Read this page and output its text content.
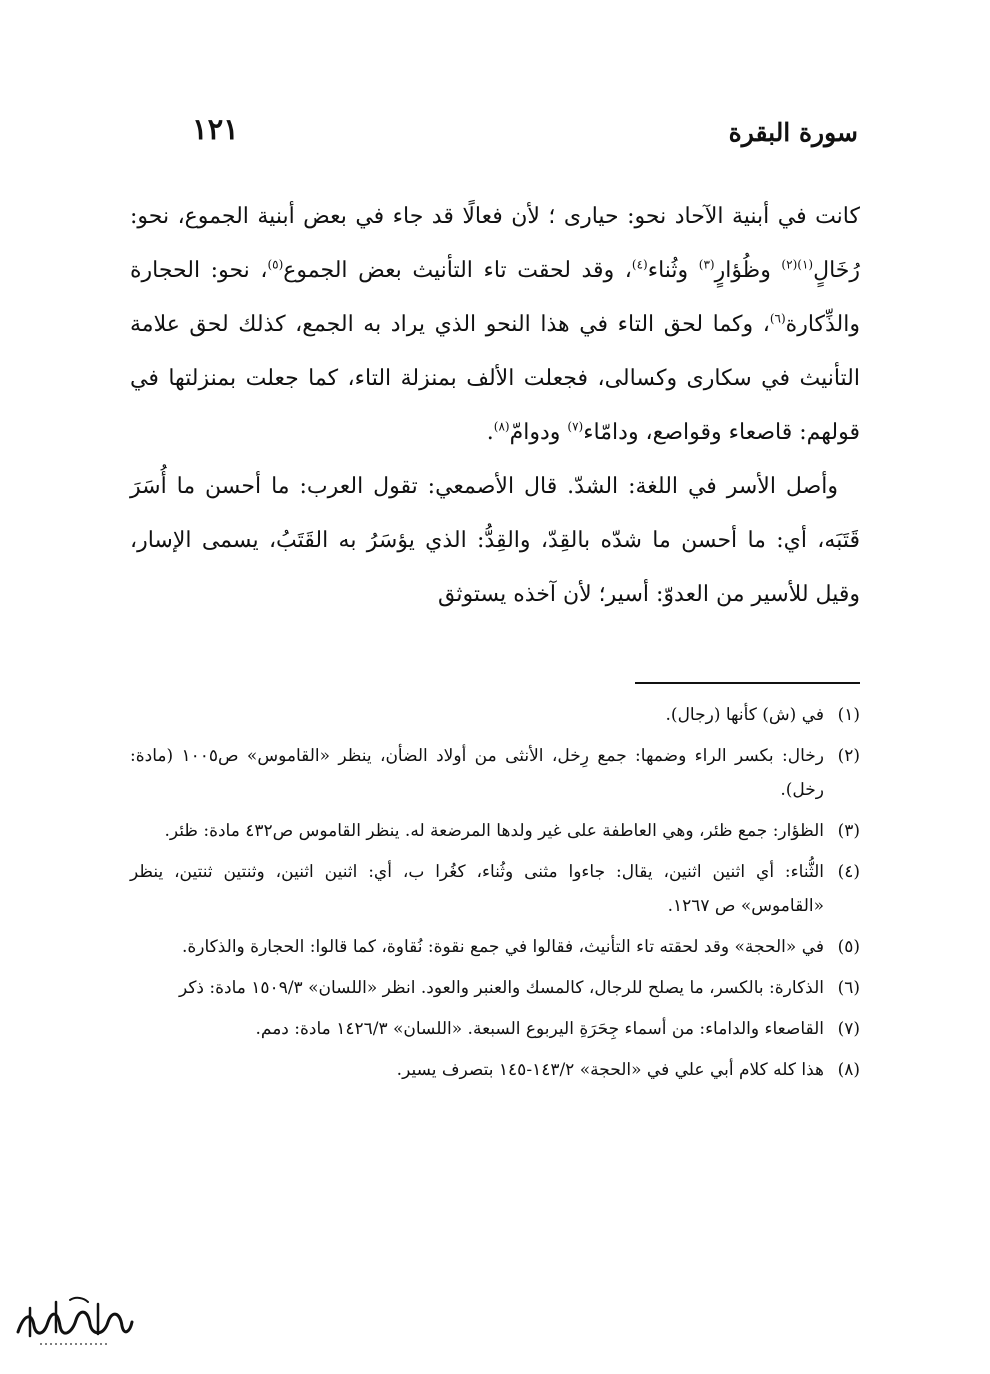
سورة البقرة
١٢١

كانت في أبنية الآحاد نحو: حيارى ؛ لأن فعالًا قد جاء في بعض أبنية الجموع، نحو: رُخَالٍ$^{(١)(٢)}$ وظُؤارٍ$^{(٣)}$ وثُناء$^{(٤)}$، وقد لحقت تاء التأنيث بعض الجموع$^{(٥)}$، نحو: الحجارة والذِّكارة$^{(٦)}$، وكما لحق التاء في هذا النحو الذي يراد به الجمع، كذلك لحق علامة التأنيث في سكارى وكسالى، فجعلت الألف بمنزلة التاء، كما جعلت بمنزلتها في قولهم: قاصعاء وقواصع، ودامّاء$^{(٧)}$ ودوامّ$^{(٨)}$.

وأصل الأسر في اللغة: الشدّ. قال الأصمعي: تقول العرب: ما أحسن ما أُسَرَ قَتَبَه، أي: ما أحسن ما شدّه بالقِدّ، والقِدُّ: الذي يؤسَرُ به القَتَبُ، يسمى الإسار، وقيل للأسير من العدوّ: أسير؛ لأن آخذه يستوثق

(١)
في (ش) كأنها (رجال).
(٢)
رخال: بكسر الراء وضمها: جمع رِخل، الأنثى من أولاد الضأن، ينظر «القاموس» ص١٠٠٥ (مادة: رخل).
(٣)
الظؤار: جمع ظئر، وهي العاطفة على غير ولدها المرضعة له. ينظر القاموس ص٤٣٢ مادة: ظئر.
(٤)
الثُّناء: أي اثنين اثنين، يقال: جاءوا مثنى وثُناء، كغُرا ب، أي: اثنين اثنين، وثنتين ثنتين، ينظر «القاموس» ص ١٢٦٧.
(٥)
في «الحجة» وقد لحقته تاء التأنيث، فقالوا في جمع نقوة: نُقاوة، كما قالوا: الحجارة والذكارة.
(٦)
الذكارة: بالكسر، ما يصلح للرجال، كالمسك والعنبر والعود. انظر «اللسان» ١٥٠٩/٣ مادة: ذكر
(٧)
القاصعاء والداماء: من أسماء جِحَرَةِ اليربوع السبعة. «اللسان» ١٤٢٦/٣ مادة: دمم.
(٨)
هذا كله كلام أبي علي في «الحجة» ١٤٣/٢-١٤٥ بتصرف يسير.
